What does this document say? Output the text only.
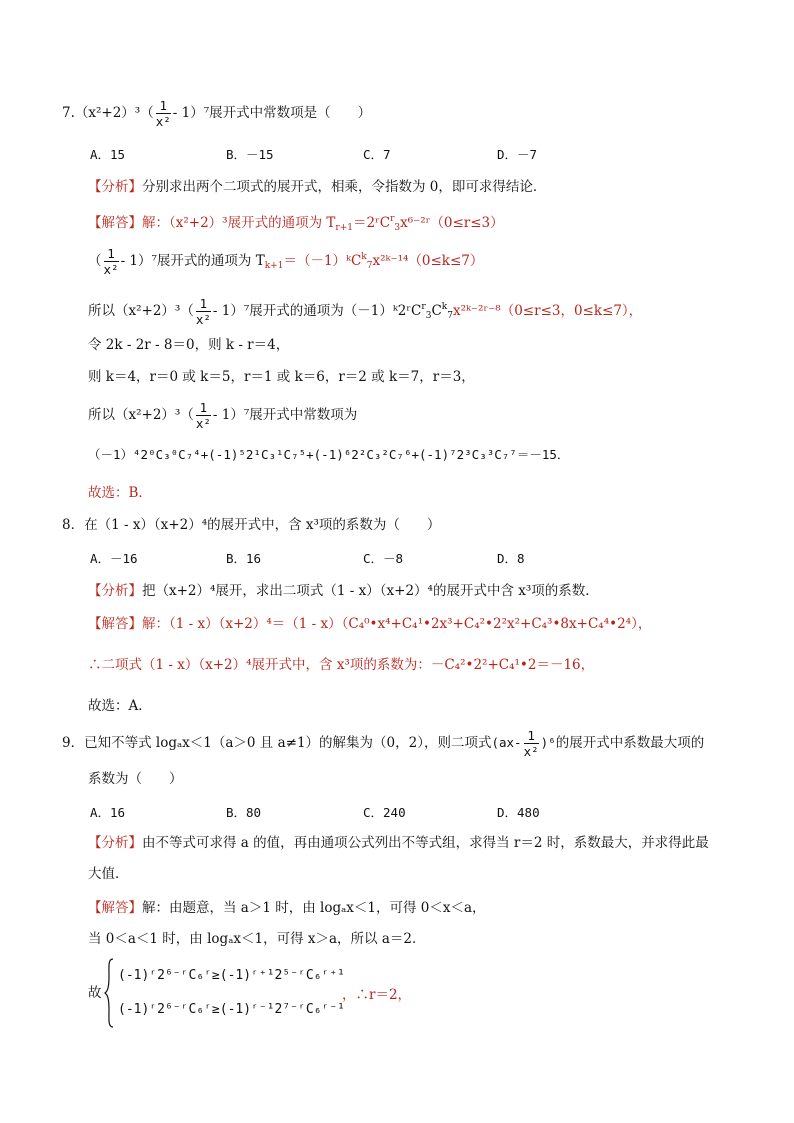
$7.(x^2+2)^3( \frac{1}{\text{x²}} - 1)^7$展开式中常数项是（　　）
A．15	B．－15	C．7	D．－7
【分析】分别求出两个二项式的展开式，相乘，令指数为 0，即可求得结论．
【解答】解：（x²+2）³展开式的通项为 $T_{r+1}=2ʳC^r_3x^{6-2}ʳ(0\le r\le 3)$
（ $\frac{1}{\text{x²}} - 1)^7$展开式的通项为 $T_{k+1}=(-1)ᵏC^k_7x^2ᵏ^{-14}(0\le k\le 7)$
所以$(x^2+2)^3( \frac{1}{\text{x²}} - 1)^7$展开式的通项为$(-1)ᵏ2ʳC^r_3C^k_7x^2ᵏ^{-2}ʳ^{-8}(0\le r\le 3$，0≤k≤7），
令 2k - 2r - 8＝0，则 k - r＝4，
则 k＝4，r＝0 或 k＝5，r＝1 或 k＝6，r＝2 或 k＝7，r＝3，
所以$(x^2+2)^3( \frac{1}{\text{x²}} - 1)^7$展开式中常数项为
（－1）⁴2⁰C₃⁰C₇⁴+(-1)⁵2¹C₃¹C₇⁵+(-1)⁶2²C₃²C₇⁶+(-1)⁷2³C₃³C₇⁷＝－15．
故选：B．
8．在（1 - x）（x+2）⁴的展开式中，含 x³项的系数为（　　）
A．－16	B．16	C．－8	D．8
【分析】把（x+2）⁴展开，求出二项式（1 - x）（x+2）⁴的展开式中含 x³项的系数．
【解答】解：（1 - x）（x+2）⁴＝（1 - x）（C₄⁰•x⁴+C₄¹•2x³+C₄²•2²x²+C₄³•8x+C₄⁴•2⁴），
∴二项式（1 - x）（x+2）⁴展开式中，含 x³项的系数为：－C₄²•2²+C₄¹•2＝－16，
故选：A．
9．已知不等式 logₐx＜1（a＞0 且 a≠1）的解集为（0，2），则二项式$(ax- \frac{1}{\text{x²}} )^6$的展开式中系数最大项的
系数为（　　）
A．16	B．80	C．240	D．480
【分析】由不等式可求得 a 的值，再由通项公式列出不等式组，求得当 r＝2 时，系数最大，并求得此最
大值．
【解答】解：由题意，当 a＞1 时，由 logₐx＜1，可得 0＜x＜a，
当 0＜a＜1 时，由 logₐx＜1，可得 x＞a，所以 a＝2．
故
(-1)ʳ2⁶⁻ʳC₆ʳ≥(-1)ʳ⁺¹2⁵⁻ʳC₆ʳ⁺¹
(-1)ʳ2⁶⁻ʳC₆ʳ≥(-1)ʳ⁻¹2⁷⁻ʳC₆ʳ⁻¹
，∴r＝2，
